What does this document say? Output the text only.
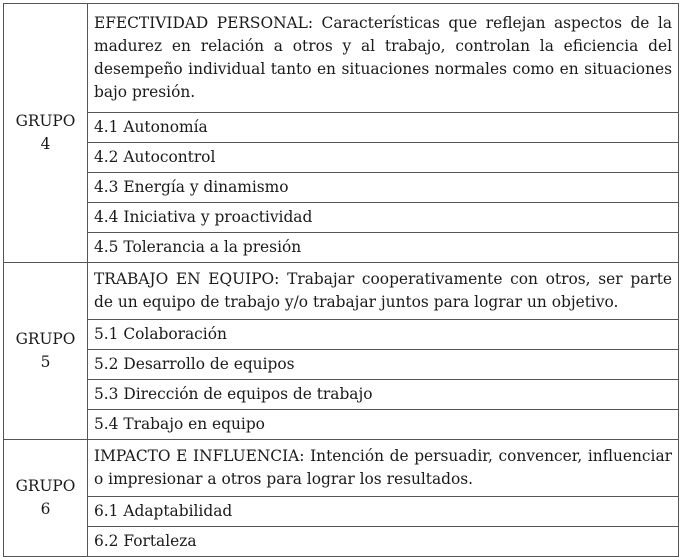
GRUPO
4	EFECTIVIDAD PERSONAL: Características que reflejan aspectos de la madurez en relación a otros y al trabajo, controlan la eficiencia del desempeño individual tanto en situaciones normales como en situaciones bajo presión.
	4.1 Autonomía
	4.2 Autocontrol
	4.3 Energía y dinamismo
	4.4 Iniciativa y proactividad
	4.5 Tolerancia a la presión

GRUPO
5	TRABAJO EN EQUIPO: Trabajar cooperativamente con otros, ser parte de un equipo de trabajo y/o trabajar juntos para lograr un objetivo.
	5.1 Colaboración
	5.2 Desarrollo de equipos
	5.3 Dirección de equipos de trabajo
	5.4 Trabajo en equipo

GRUPO
6	IMPACTO E INFLUENCIA: Intención de persuadir, convencer, influenciar o impresionar a otros para lograr los resultados.
	6.1 Adaptabilidad
	6.2 Fortaleza
